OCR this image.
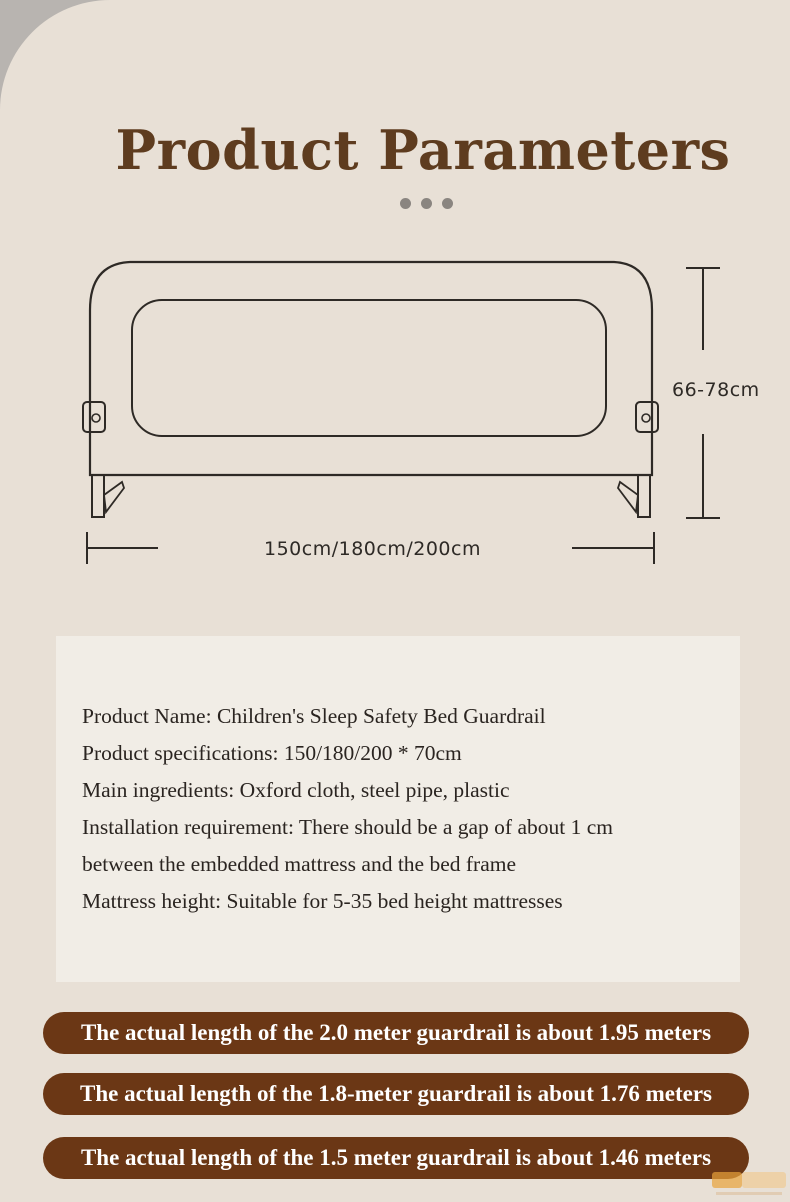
Product Parameters
66-78cm
150cm/180cm/200cm
Product Name: Children's Sleep Safety Bed Guardrail
Product specifications: 150/180/200 * 70cm
Main ingredients: Oxford cloth, steel pipe, plastic
Installation requirement: There should be a gap of about 1 cm
between the embedded mattress and the bed frame
Mattress height: Suitable for 5-35 bed height mattresses
The actual length of the 2.0 meter guardrail is about 1.95 meters
The actual length of the 1.8-meter guardrail is about 1.76 meters
The actual length of the 1.5 meter guardrail is about 1.46 meters
